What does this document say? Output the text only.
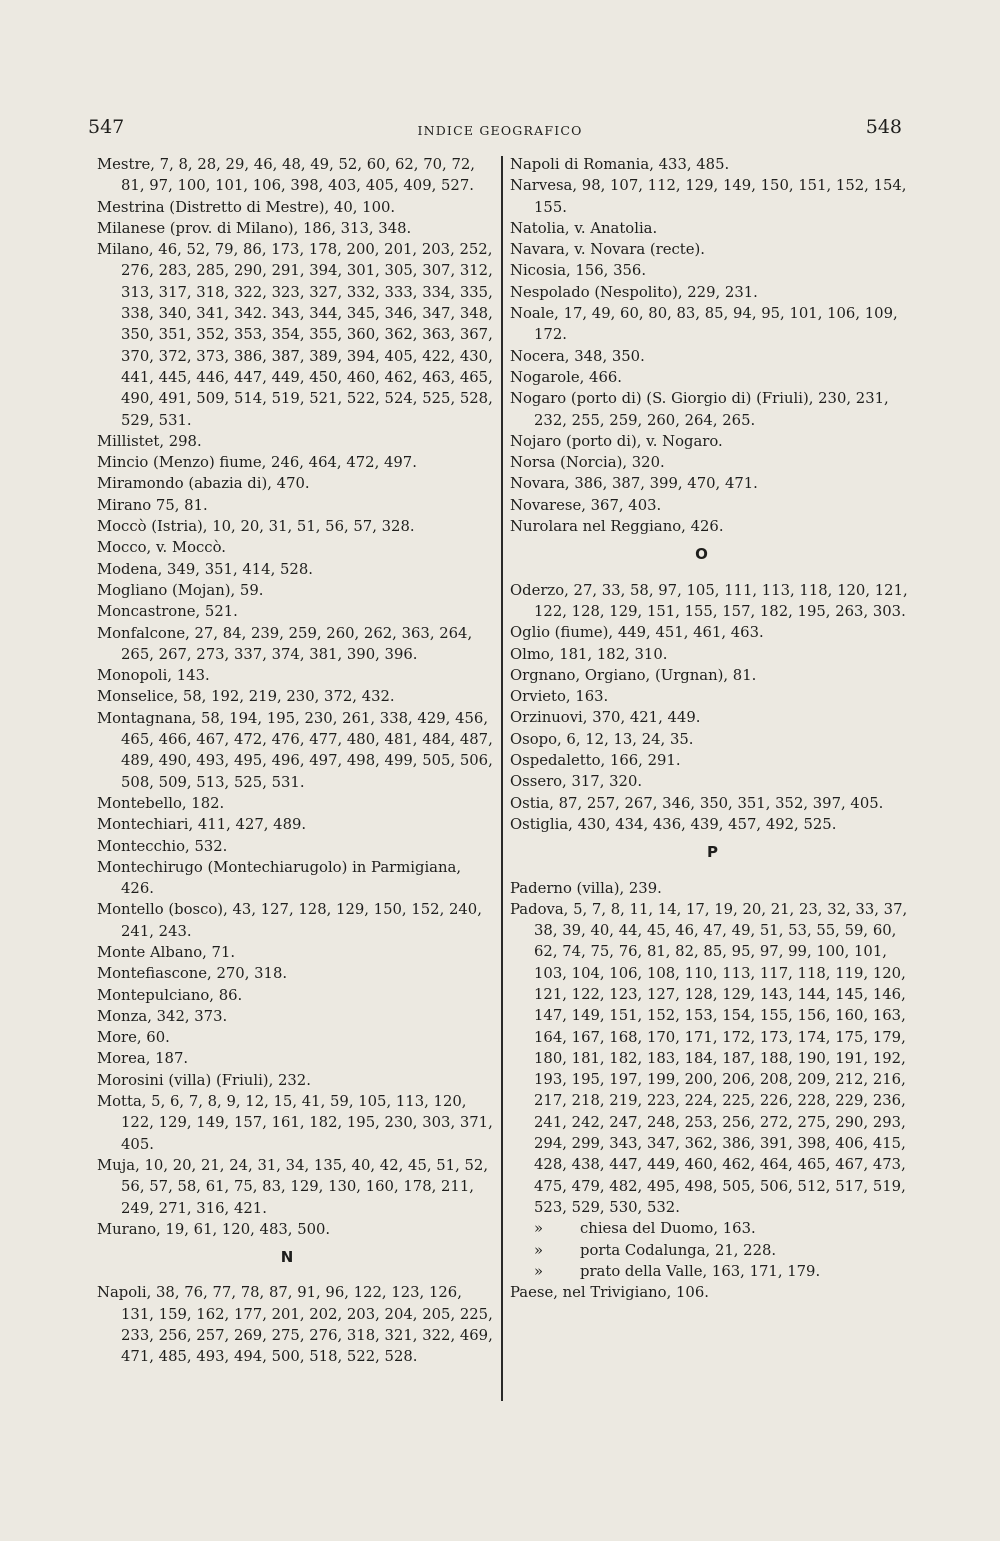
547	INDICE GEOGRAFICO	548
Mestre, 7, 8, 28, 29, 46, 48, 49, 52, 60, 62, 70, 72, 81, 97, 100, 101, 106, 398, 403, 405, 409, 527.
Mestrina (Distretto di Mestre), 40, 100.
Milanese (prov. di Milano), 186, 313, 348.
Milano, 46, 52, 79, 86, 173, 178, 200, 201, 203, 252, 276, 283, 285, 290, 291, 394, 301, 305, 307, 312, 313, 317, 318, 322, 323, 327, 332, 333, 334, 335, 338, 340, 341, 342. 343, 344, 345, 346, 347, 348, 350, 351, 352, 353, 354, 355, 360, 362, 363, 367, 370, 372, 373, 386, 387, 389, 394, 405, 422, 430, 441, 445, 446, 447, 449, 450, 460, 462, 463, 465, 490, 491, 509, 514, 519, 521, 522, 524, 525, 528, 529, 531.
Millistet, 298.
Mincio (Menzo) fiume, 246, 464, 472, 497.
Miramondo (abazia di), 470.
Mirano 75, 81.
Moccò (Istria), 10, 20, 31, 51, 56, 57, 328.
Mocco, v. Moccò.
Modena, 349, 351, 414, 528.
Mogliano (Mojan), 59.
Moncastrone, 521.
Monfalcone, 27, 84, 239, 259, 260, 262, 363, 264, 265, 267, 273, 337, 374, 381, 390, 396.
Monopoli, 143.
Monselice, 58, 192, 219, 230, 372, 432.
Montagnana, 58, 194, 195, 230, 261, 338, 429, 456, 465, 466, 467, 472, 476, 477, 480, 481, 484, 487, 489, 490, 493, 495, 496, 497, 498, 499, 505, 506, 508, 509, 513, 525, 531.
Montebello, 182.
Montechiari, 411, 427, 489.
Montecchio, 532.
Montechirugo (Montechiarugolo) in Parmigiana, 426.
Montello (bosco), 43, 127, 128, 129, 150, 152, 240, 241, 243.
Monte Albano, 71.
Montefiascone, 270, 318.
Montepulciano, 86.
Monza, 342, 373.
More, 60.
Morea, 187.
Morosini (villa) (Friuli), 232.
Motta, 5, 6, 7, 8, 9, 12, 15, 41, 59, 105, 113, 120, 122, 129, 149, 157, 161, 182, 195, 230, 303, 371, 405.
Muja, 10, 20, 21, 24, 31, 34, 135, 40, 42, 45, 51, 52, 56, 57, 58, 61, 75, 83, 129, 130, 160, 178, 211, 249, 271, 316, 421.
Murano, 19, 61, 120, 483, 500.
N
Napoli, 38, 76, 77, 78, 87, 91, 96, 122, 123, 126, 131, 159, 162, 177, 201, 202, 203, 204, 205, 225, 233, 256, 257, 269, 275, 276, 318, 321, 322, 469, 471, 485, 493, 494, 500, 518, 522, 528.
Napoli di Romania, 433, 485.
Narvesa, 98, 107, 112, 129, 149, 150, 151, 152, 154, 155.
Natolia, v. Anatolia.
Navara, v. Novara (recte).
Nicosia, 156, 356.
Nespolado (Nespolito), 229, 231.
Noale, 17, 49, 60, 80, 83, 85, 94, 95, 101, 106, 109, 172.
Nocera, 348, 350.
Nogarole, 466.
Nogaro (porto di) (S. Giorgio di) (Friuli), 230, 231, 232, 255, 259, 260, 264, 265.
Nojaro (porto di), v. Nogaro.
Norsa (Norcia), 320.
Novara, 386, 387, 399, 470, 471.
Novarese, 367, 403.
Nurolara nel Reggiano, 426.
O
Oderzo, 27, 33, 58, 97, 105, 111, 113, 118, 120, 121, 122, 128, 129, 151, 155, 157, 182, 195, 263, 303.
Oglio (fiume), 449, 451, 461, 463.
Olmo, 181, 182, 310.
Orgnano, Orgiano, (Urgnan), 81.
Orvieto, 163.
Orzinuovi, 370, 421, 449.
Osopo, 6, 12, 13, 24, 35.
Ospedaletto, 166, 291.
Ossero, 317, 320.
Ostia, 87, 257, 267, 346, 350, 351, 352, 397, 405.
Ostiglia, 430, 434, 436, 439, 457, 492, 525.
P
Paderno (villa), 239.
Padova, 5, 7, 8, 11, 14, 17, 19, 20, 21, 23, 32, 33, 37, 38, 39, 40, 44, 45, 46, 47, 49, 51, 53, 55, 59, 60, 62, 74, 75, 76, 81, 82, 85, 95, 97, 99, 100, 101, 103, 104, 106, 108, 110, 113, 117, 118, 119, 120, 121, 122, 123, 127, 128, 129, 143, 144, 145, 146, 147, 149, 151, 152, 153, 154, 155, 156, 160, 163, 164, 167, 168, 170, 171, 172, 173, 174, 175, 179, 180, 181, 182, 183, 184, 187, 188, 190, 191, 192, 193, 195, 197, 199, 200, 206, 208, 209, 212, 216, 217, 218, 219, 223, 224, 225, 226, 228, 229, 236, 241, 242, 247, 248, 253, 256, 272, 275, 290, 293, 294, 299, 343, 347, 362, 386, 391, 398, 406, 415, 428, 438, 447, 449, 460, 462, 464, 465, 467, 473, 475, 479, 482, 495, 498, 505, 506, 512, 517, 519, 523, 529, 530, 532.
» chiesa del Duomo, 163.
» porta Codalunga, 21, 228.
» prato della Valle, 163, 171, 179.
Paese, nel Trivigiano, 106.
